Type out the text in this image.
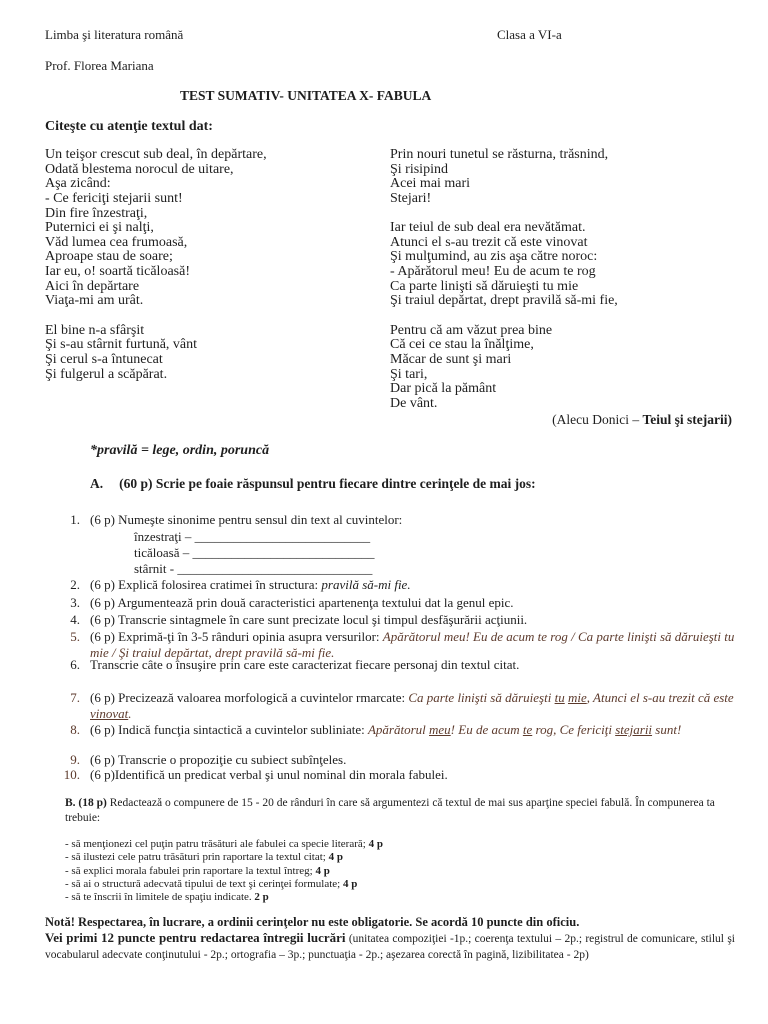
Limba şi literatura română	Clasa a VI-a
Prof. Florea Mariana
TEST SUMATIV- UNITATEA X- FABULA
Citeşte cu atenţie textul dat:
Un teişor crescut sub deal, în depărtare,
Odată blestema norocul de uitare,
Aşa zicând:
- Ce fericiţi stejarii sunt!
Din fire înzestraţi,
Puternici ei şi nalţi,
Văd lumea cea frumoasă,
Aproape stau de soare;
Iar eu, o! soartă ticăloasă!
Aici în depărtare
Viaţa-mi am urât.
El bine n-a sfârşit
Şi s-au stârnit furtună, vânt
Şi cerul s-a întunecat
Şi fulgerul a scăpărat.
Prin nouri tunetul se răsturna, trăsnind,
Şi risipind
Acei mai mari
Stejari!
Iar teiul de sub deal era nevătămat.
Atunci el s-au trezit că este vinovat
Şi mulţumind, au zis aşa către noroc:
- Apărătorul meu! Eu de acum te rog
Ca parte linişti să dăruieşti tu mie
Şi traiul depărtat, drept pravilă să-mi fie,
Pentru că am văzut prea bine
Că cei ce stau la înălţime,
Măcar de sunt şi mari
Şi tari,
Dar pică la pământ
De vânt.
(Alecu Donici – Teiul şi stejarii)
*pravilă = lege, ordin, poruncă
A. (60 p) Scrie pe foaie răspunsul pentru fiecare dintre cerinţele de mai jos:
1. (6 p) Numeşte sinonime pentru sensul din text al cuvintelor:
înzestraţi – ___________________________
ticăloasă – ____________________________
stârnit - ______________________________
2. (6 p) Explică folosirea cratimei în structura: pravilă să-mi fie.
3. (6 p) Argumentează prin două caracteristici apartenenţa textului dat la genul epic.
4. (6 p) Transcrie sintagmele în care sunt precizate locul şi timpul desfăşurării acţiunii.
5. (6 p) Exprimă-ţi în 3-5 rânduri opinia asupra versurilor: Apărătorul meu! Eu de acum te rog / Ca parte linişti să dăruieşti tu mie / Şi traiul depărtat, drept pravilă să-mi fie.
6. Transcrie câte o însuşire prin care este caracterizat fiecare personaj din textul citat.
7. (6 p) Precizează valoarea morfologică a cuvintelor rmarcate: Ca parte linişti să dăruieşti tu mie, Atunci el s-au trezit că este vinovat.
8. (6 p) Indică funcţia sintactică a cuvintelor subliniate: Apărătorul meu! Eu de acum te rog, Ce fericiţi stejarii sunt!
9. (6 p) Transcrie o propoziţie cu subiect subînţeles.
10. (6 p)Identifică un predicat verbal şi unul nominal din morala fabulei.
B. (18 p) Redactează o compunere de 15 - 20 de rânduri în care să argumentezi că textul de mai sus aparţine speciei fabulă. În compunerea ta trebuie:
- să menţionezi cel puţin patru trăsături ale fabulei ca specie literară; 4 p
- să ilustezi cele patru trăsături prin raportare la textul citat; 4 p
- să explici morala fabulei prin raportare la textul întreg; 4 p
- să ai o structură adecvată tipului de text şi cerinţei formulate; 4 p
- să te înscrii în limitele de spaţiu indicate. 2 p
Notă! Respectarea, în lucrare, a ordinii cerinţelor nu este obligatorie. Se acordă 10 puncte din oficiu.
Vei primi 12 puncte pentru redactarea întregii lucrări (unitatea compoziţiei -1p.; coerenţa textului – 2p.; registrul de comunicare, stilul şi vocabularul adecvate conţinutului - 2p.; ortografia – 3p.; punctuaţia - 2p.; aşezarea corectă în pagină, lizibilitatea - 2p)
